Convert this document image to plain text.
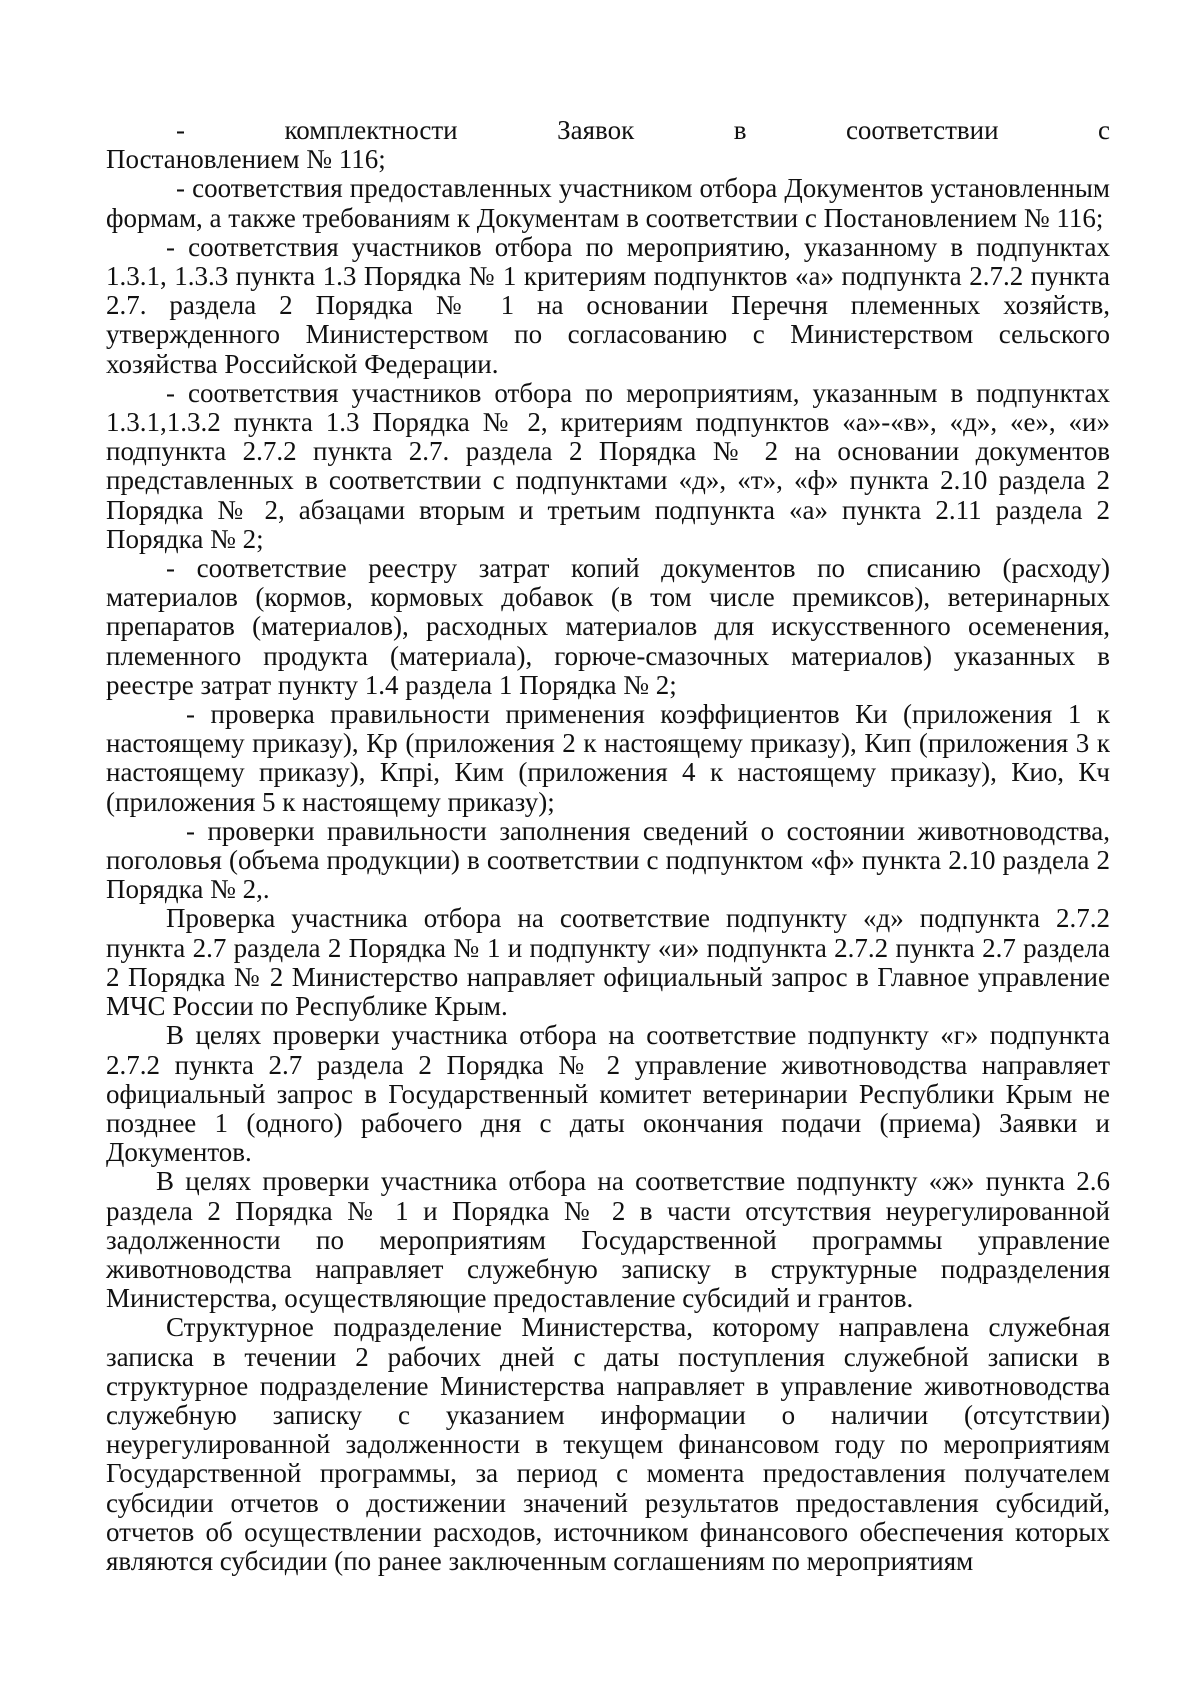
-	комплектности	Заявок	в	соответствии	с

Постановлением № 116;

- соответствия предоставленных участником отбора Документов установленным формам, а также требованиям к Документам в соответствии с Постановлением № 116;

- соответствия участников отбора по мероприятию, указанному в подпунктах 1.3.1, 1.3.3 пункта 1.3 Порядка № 1 критериям подпунктов «а» подпункта 2.7.2 пункта 2.7. раздела 2 Порядка № 1 на основании Перечня племенных хозяйств, утвержденного Министерством по согласованию с Министерством сельского хозяйства Российской Федерации.

- соответствия участников отбора по мероприятиям, указанным в подпунктах 1.3.1,1.3.2 пункта 1.3 Порядка № 2, критериям подпунктов «а»-«в», «д», «е», «и» подпункта 2.7.2 пункта 2.7. раздела 2 Порядка № 2 на основании документов представленных в соответствии с подпунктами «д», «т», «ф» пункта 2.10 раздела 2 Порядка № 2, абзацами вторым и третьим подпункта «а» пункта 2.11 раздела 2 Порядка № 2;

- соответствие реестру затрат копий документов по списанию (расходу) материалов (кормов, кормовых добавок (в том числе премиксов), ветеринарных препаратов (материалов), расходных материалов для искусственного осеменения, племенного продукта (материала), горюче-смазочных материалов) указанных в реестре затрат пункту 1.4 раздела 1 Порядка № 2;

- проверка правильности применения коэффициентов Ки (приложения 1 к настоящему приказу), Кр (приложения 2 к настоящему приказу), Кип (приложения 3 к настоящему приказу), Кпрі, Ким (приложения 4 к настоящему приказу), Кио, Кч (приложения 5 к настоящему приказу);

- проверки правильности заполнения сведений о состоянии животноводства, поголовья (объема продукции) в соответствии с подпунктом «ф» пункта 2.10 раздела 2 Порядка № 2,.

Проверка участника отбора на соответствие подпункту «д» подпункта 2.7.2 пункта 2.7 раздела 2 Порядка № 1 и подпункту «и» подпункта 2.7.2 пункта 2.7 раздела 2 Порядка № 2 Министерство направляет официальный запрос в Главное управление МЧС России по Республике Крым.

В целях проверки участника отбора на соответствие подпункту «г» подпункта 2.7.2 пункта 2.7 раздела 2 Порядка № 2 управление животноводства направляет официальный запрос в Государственный комитет ветеринарии Республики Крым не позднее 1 (одного) рабочего дня с даты окончания подачи (приема) Заявки и Документов.

В целях проверки участника отбора на соответствие подпункту «ж» пункта 2.6 раздела 2 Порядка № 1 и Порядка № 2 в части отсутствия неурегулированной задолженности по мероприятиям Государственной программы управление животноводства направляет служебную записку в структурные подразделения Министерства, осуществляющие предоставление субсидий и грантов.

Структурное подразделение Министерства, которому направлена служебная записка в течении 2 рабочих дней с даты поступления служебной записки в структурное подразделение Министерства направляет в управление животноводства служебную записку с указанием информации о наличии (отсутствии) неурегулированной задолженности в текущем финансовом году по мероприятиям Государственной программы, за период с момента предоставления получателем субсидии отчетов о достижении значений результатов предоставления субсидий, отчетов об осуществлении расходов, источником финансового обеспечения которых являются субсидии (по ранее заключенным соглашениям по мероприятиям
